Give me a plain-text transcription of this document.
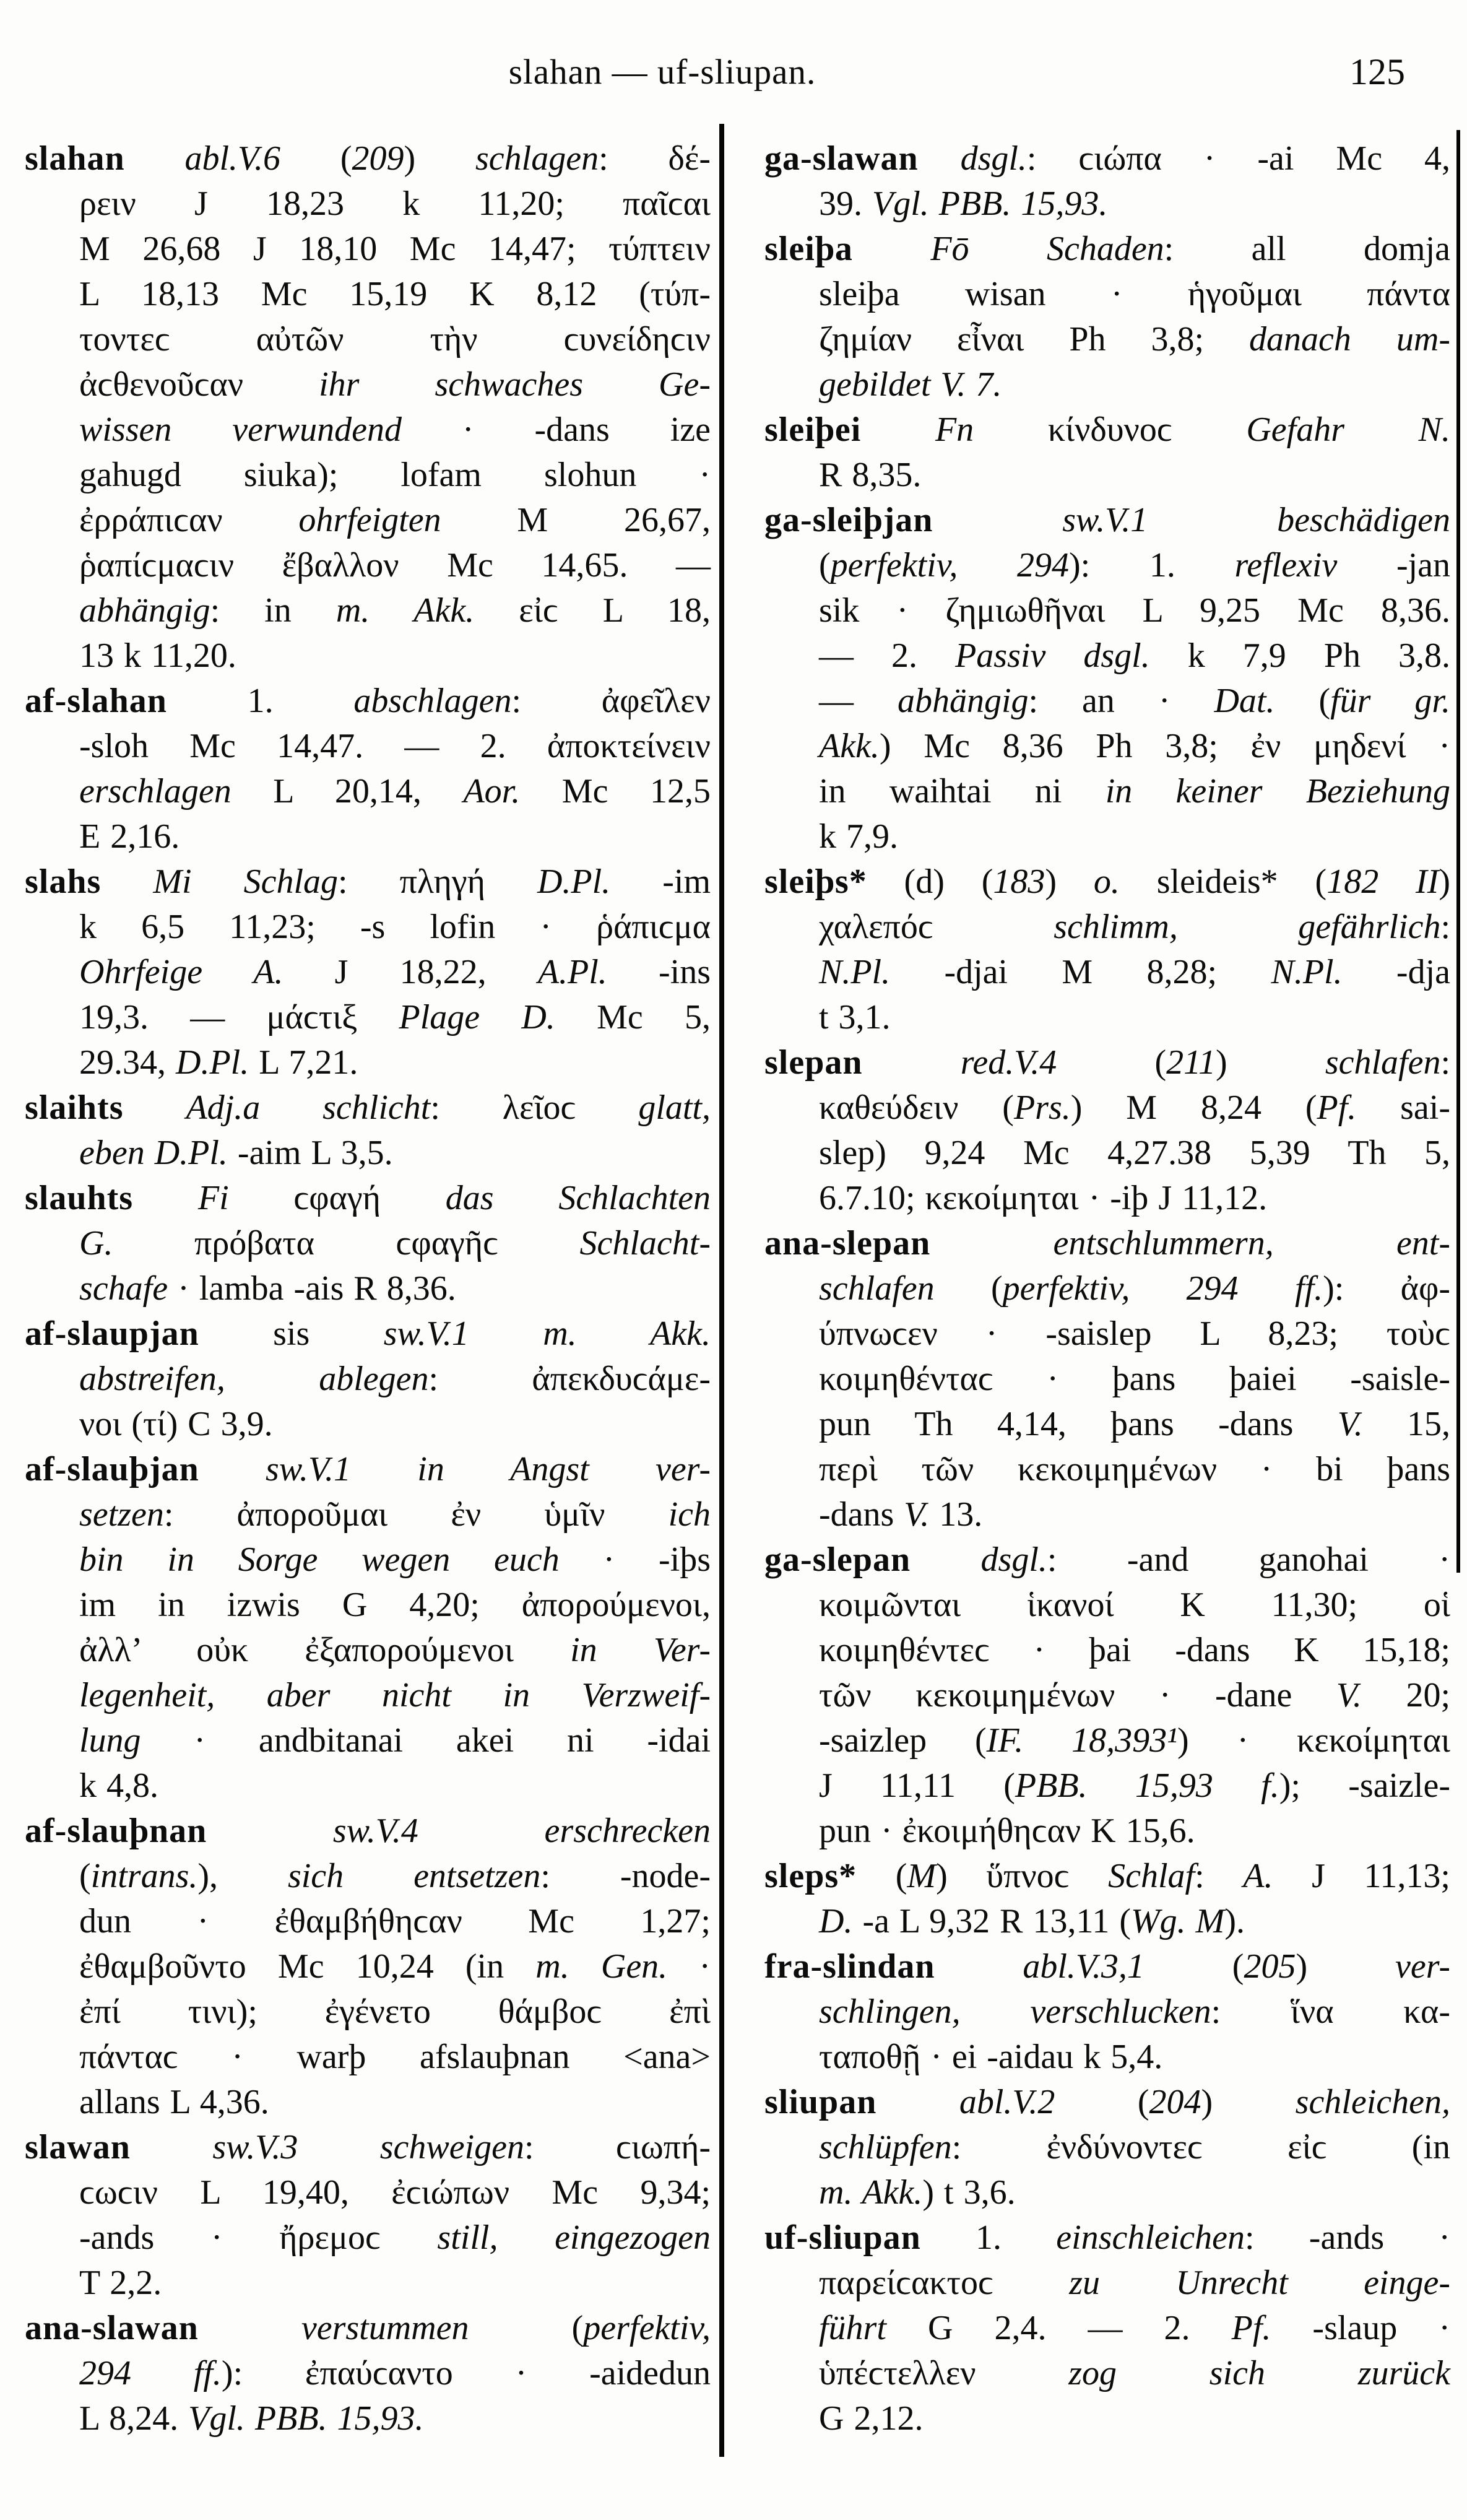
slahan — uf-sliupan.	125
slahan abl.V.6 (209) schlagen: δέ-
ρειν J 18,23 k 11,20; παῖϲαι
M 26,68 J 18,10 Mc 14,47; τύπτειν
L 18,13 Mc 15,19 K 8,12 (τύπ-
τοντεϲ αὐτῶν τὴν ϲυνείδηϲιν
ἀϲθενοῦϲαν ihr schwaches Ge-
wissen verwundend · -dans ize
gahugd siuka); lofam slohun ·
ἐρράπιϲαν ohrfeigten M 26,67,
ῥαπίϲμαϲιν ἔβαλλον Mc 14,65. —
abhängig: in m. Akk. εἰϲ L 18,
13 k 11,20.
af-slahan 1. abschlagen: ἀφεῖλεν
-sloh Mc 14,47. — 2. ἀποκτείνειν
erschlagen L 20,14, Aor. Mc 12,5
E 2,16.
slahs Mi Schlag: πληγή D.Pl. -im
k 6,5 11,23; -s lofin · ῥάπιϲμα
Ohrfeige A. J 18,22, A.Pl. -ins
19,3. — μάϲτιξ Plage D. Mc 5,
29.34, D.Pl. L 7,21.
slaihts Adj.a schlicht: λεῖοϲ glatt,
eben D.Pl. -aim L 3,5.
slauhts Fi ϲφαγή das Schlachten
G. πρόβατα ϲφαγῆϲ Schlacht-
schafe · lamba -ais R 8,36.
af-slaupjan sis sw.V.1 m. Akk.
abstreifen, ablegen: ἀπεκδυϲάμε-
νοι (τί) C 3,9.
af-slauþjan sw.V.1 in Angst ver-
setzen: ἀποροῦμαι ἐν ὑμῖν ich
bin in Sorge wegen euch · -iþs
im in izwis G 4,20; ἀπορούμενοι,
ἀλλ’ οὐκ ἐξαπορούμενοι in Ver-
legenheit, aber nicht in Verzweif-
lung · andbitanai akei ni -idai
k 4,8.
af-slauþnan	sw.V.4 erschrecken
(intrans.), sich entsetzen: -node-
dun · ἐθαμβήθηϲαν Mc 1,27;
ἐθαμβοῦντο Mc 10,24 (in m. Gen. ·
ἐπί τινι); ἐγένετο θάμβοϲ ἐπὶ
πάνταϲ · warþ afslauþnan <ana>
allans L 4,36.
slawan sw.V.3 schweigen: ϲιωπή-
ϲωϲιν L 19,40, ἐϲιώπων Mc 9,34;
-ands · ἤρεμοϲ still, eingezogen
T 2,2.
ana-slawan	verstummen (perfektiv,
294 ff.): ἐπαύϲαντο · -aidedun
L 8,24. Vgl. PBB. 15,93.
ga-slawan dsgl.: ϲιώπα · -ai Mc 4,
39. Vgl. PBB. 15,93.
sleiþa Fō Schaden: all domja
sleiþa wisan · ἡγοῦμαι πάντα
ζημίαν εἶναι Ph 3,8; danach um-
gebildet V. 7.
sleiþei Fn κίνδυνοϲ Gefahr N.
R 8,35.
ga-sleiþjan	sw.V.1 beschädigen
(perfektiv, 294): 1. reflexiv -jan
sik · ζημιωθῆναι L 9,25 Mc 8,36.
— 2. Passiv dsgl. k 7,9 Ph 3,8.
— abhängig: an · Dat. (für gr.
Akk.) Mc 8,36 Ph 3,8; ἐν μηδενί ·
in waihtai ni in keiner Beziehung
k 7,9.
sleiþs* (d) (183) o. sleideis* (182 II)
χαλεπόϲ schlimm, gefährlich:
N.Pl. -djai M 8,28; N.Pl. -dja
t 3,1.
slepan	red.V.4 (211) schlafen:
καθεύδειν (Prs.) M 8,24 (Pf. sai-
slep) 9,24 Mc 4,27.38 5,39 Th 5,
6.7.10; κεκοίμηται · -iþ J 11,12.
ana-slepan	entschlummern, ent-
schlafen (perfektiv, 294 ff.): ἀφ-
ύπνωϲεν · -saislep L 8,23; τοὺϲ
κοιμηθένταϲ · þans þaiei -saisle-
pun Th 4,14, þans -dans V. 15,
περὶ τῶν κεκοιμημένων · bi þans
-dans V. 13.
ga-slepan dsgl.: -and ganohai ·
κοιμῶνται ἱκανοί K 11,30; οἱ
κοιμηθέντεϲ · þai -dans K 15,18;
τῶν κεκοιμημένων · -dane V. 20;
-saizlep (IF. 18,393¹) · κεκοίμηται
J 11,11 (PBB. 15,93 f.); -saizle-
pun · ἐκοιμήθηϲαν K 15,6.
sleps* (M) ὕπνοϲ Schlaf: A. J 11,13;
D. -a L 9,32 R 13,11 (Wg. M).
fra-slindan	abl.V.3,1 (205) ver-
schlingen, verschlucken: ἵνα κα-
ταποθῇ · ei -aidau k 5,4.
sliupan abl.V.2 (204) schleichen,
schlüpfen: ἐνδύνοντεϲ εἰϲ (in
m. Akk.) t 3,6.
uf-sliupan 1. einschleichen: -ands ·
παρείϲακτοϲ zu Unrecht einge-
führt G 2,4. — 2. Pf. -slaup ·
ὑπέϲτελλεν zog sich zurück
G 2,12.
